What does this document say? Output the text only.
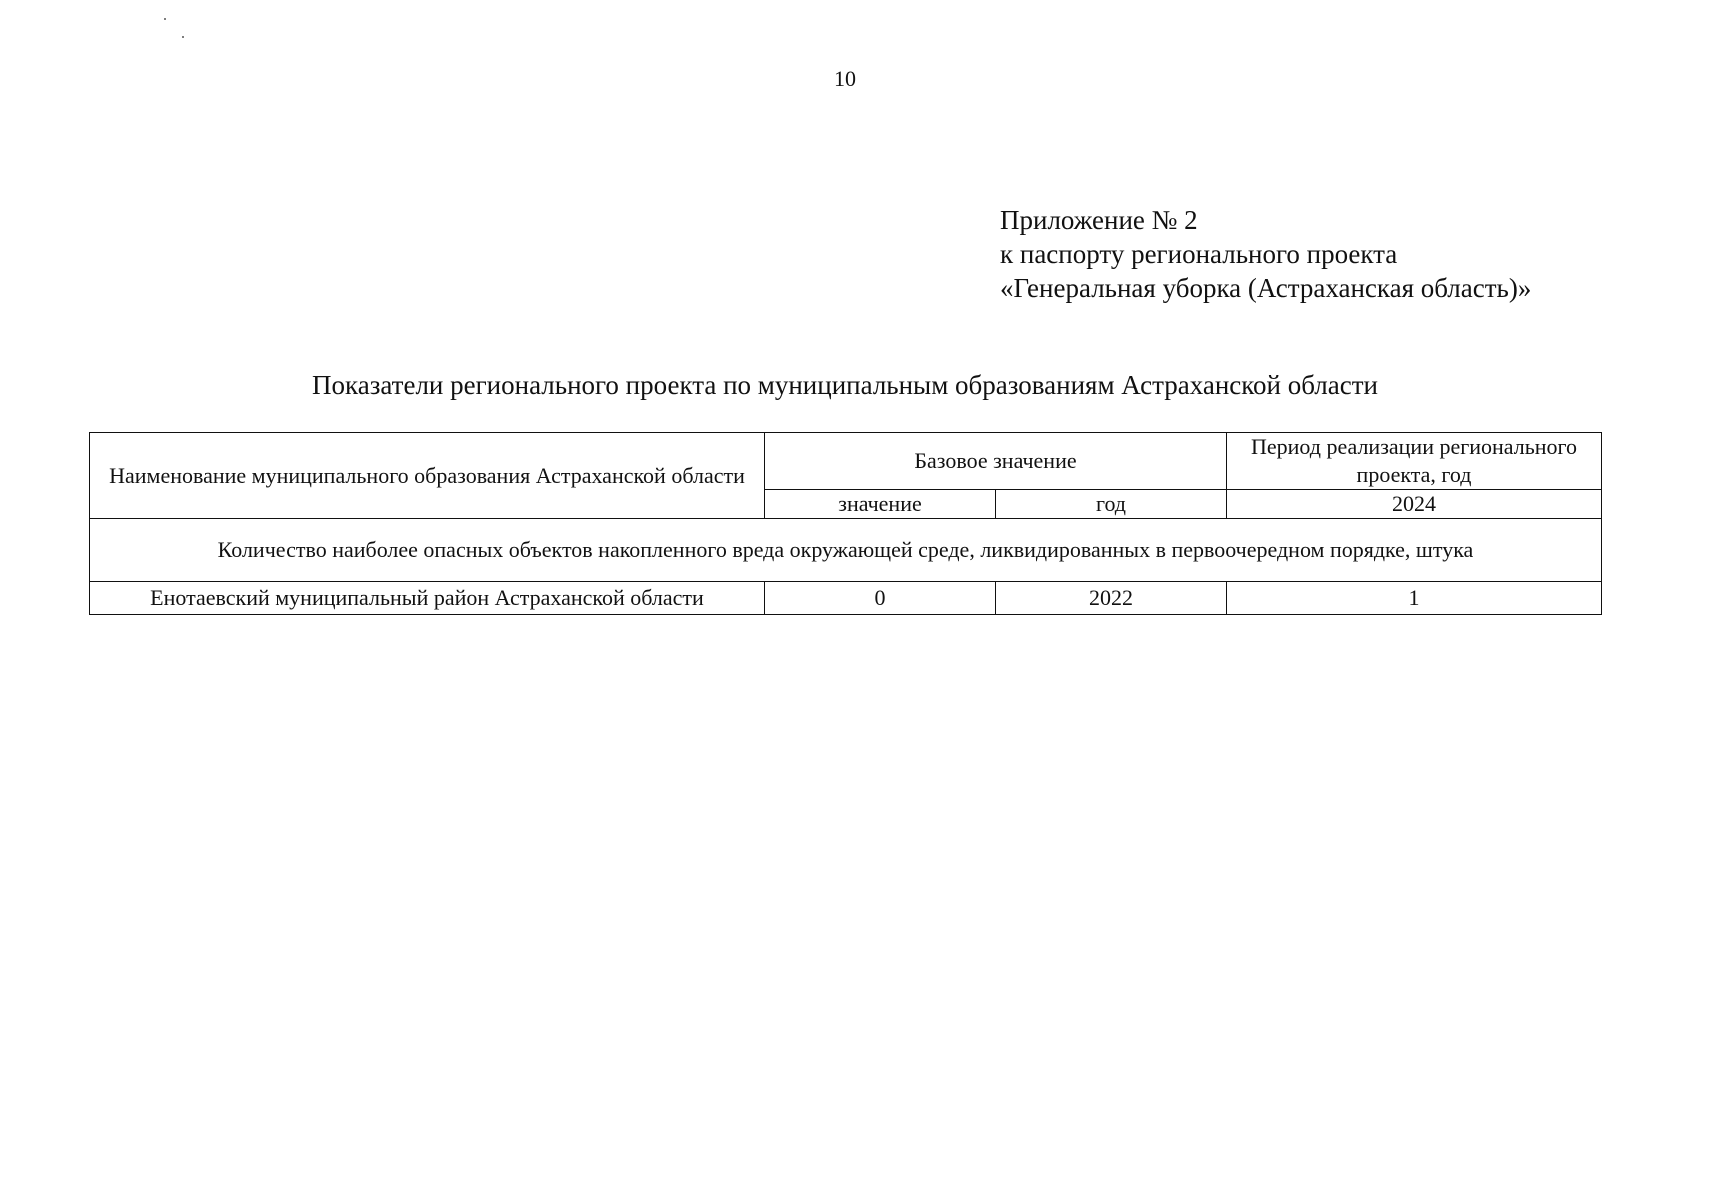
10
Приложение № 2
к паспорту регионального проекта
«Генеральная уборка (Астраханская область)»
Показатели регионального проекта по муниципальным образованиям Астраханской области
Наименование муниципального образования Астраханской области	Базовое значение		Период реализации регионального проекта, год
	значение	год	2024
Количество наиболее опасных объектов накопленного вреда окружающей среде, ликвидированных в первоочередном порядке, штука			
Енотаевский муниципальный район Астраханской области	0	2022	1
